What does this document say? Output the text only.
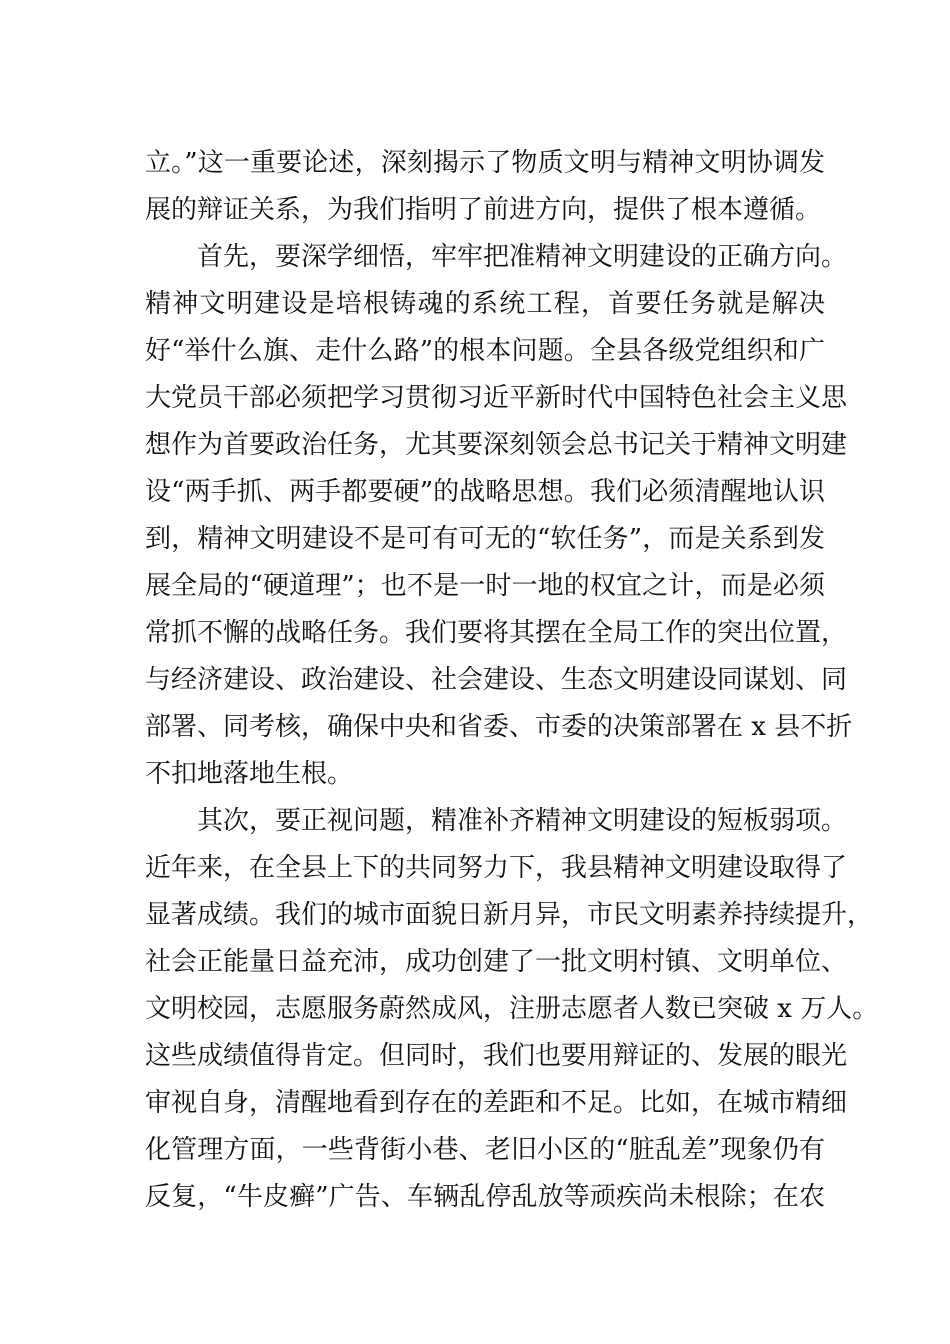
立。”这一重要论述，深刻揭示了物质文明与精神文明协调发
展的辩证关系，为我们指明了前进方向，提供了根本遵循。
首先，要深学细悟，牢牢把准精神文明建设的正确方向。
精神文明建设是培根铸魂的系统工程，首要任务就是解决
好“举什么旗、走什么路”的根本问题。全县各级党组织和广
大党员干部必须把学习贯彻习近平新时代中国特色社会主义思
想作为首要政治任务，尤其要深刻领会总书记关于精神文明建
设“两手抓、两手都要硬”的战略思想。我们必须清醒地认识
到，精神文明建设不是可有可无的“软任务”，而是关系到发
展全局的“硬道理”；也不是一时一地的权宜之计，而是必须
常抓不懈的战略任务。我们要将其摆在全局工作的突出位置，
与经济建设、政治建设、社会建设、生态文明建设同谋划、同
部署、同考核，确保中央和省委、市委的决策部署在 x 县不折
不扣地落地生根。
其次，要正视问题，精准补齐精神文明建设的短板弱项。
近年来，在全县上下的共同努力下，我县精神文明建设取得了
显著成绩。我们的城市面貌日新月异，市民文明素养持续提升，
社会正能量日益充沛，成功创建了一批文明村镇、文明单位、
文明校园，志愿服务蔚然成风，注册志愿者人数已突破 x 万人。
这些成绩值得肯定。但同时，我们也要用辩证的、发展的眼光
审视自身，清醒地看到存在的差距和不足。比如，在城市精细
化管理方面，一些背街小巷、老旧小区的“脏乱差”现象仍有
反复，“牛皮癣”广告、车辆乱停乱放等顽疾尚未根除；在农
